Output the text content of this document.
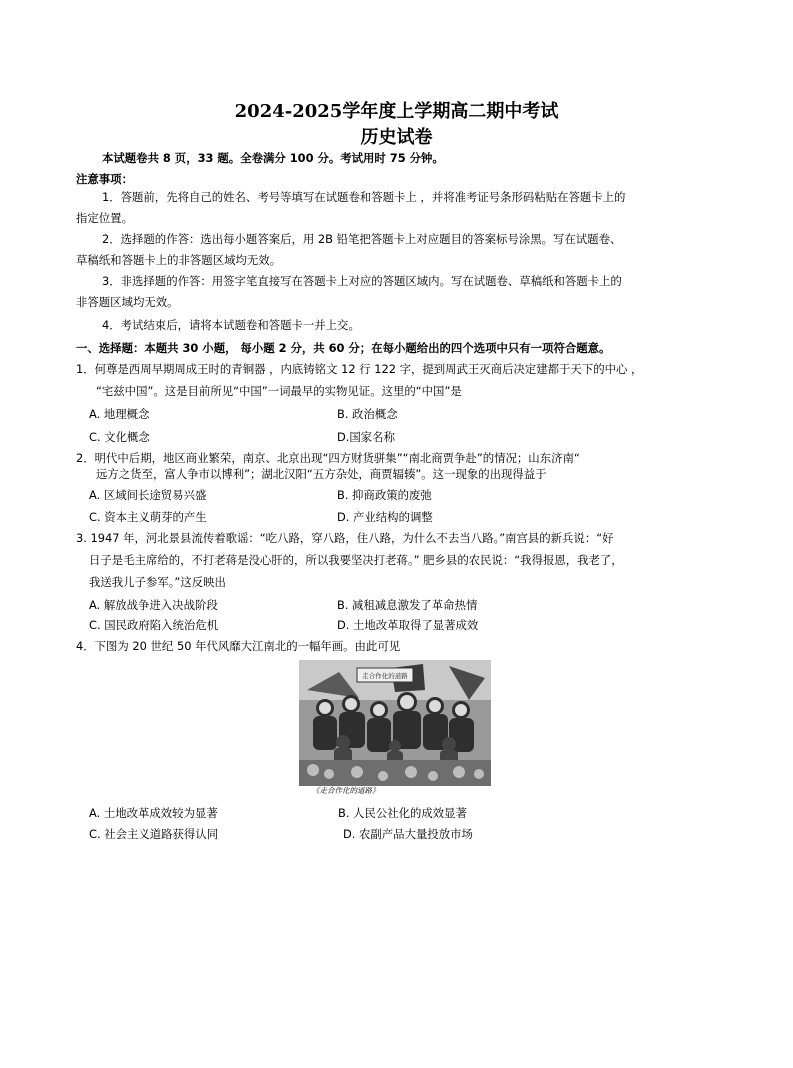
2024-2025学年度上学期高二期中考试
历史试卷
本试题卷共 8 页，33 题。全卷满分 100 分。考试用时 75 分钟。
注意事项：
1．答题前，先将自己的姓名、考号等填写在试题卷和答题卡上 ，并将准考证号条形码粘贴在答题卡上的
指定位置。
2．选择题的作答：选出每小题答案后，用 2B 铅笔把答题卡上对应题目的答案标号涂黑。写在试题卷、
草稿纸和答题卡上的非答题区域均无效。
3．非选择题的作答：用签字笔直接写在答题卡上对应的答题区域内。写在试题卷、草稿纸和答题卡上的
非答题区域均无效。
4．考试结束后，请将本试题卷和答题卡一并上交。
一、选择题：本题共 30 小题， 每小题 2 分，共 60 分；在每小题给出的四个选项中只有一项符合题意。
1．何尊是西周早期周成王时的青铜器 ，内底铸铭文 12 行 122 字，提到周武王灭商后决定建都于天下的中心 ，
“宅兹中国”。这是目前所见“中国”一词最早的实物见证。这里的“中国”是
A. 地理概念	B. 政治概念
C. 文化概念	D.国家名称
2．明代中后期，地区商业繁荣，南京、北京出现“四方财货骈集”“南北商贾争赴”的情况；山东济南“
远方之货至，富人争市以博利”；湖北汉阳“五方杂处，商贾辐辏”。这一现象的出现得益于
A. 区域间长途贸易兴盛	B. 抑商政策的废弛
C. 资本主义萌芽的产生	D. 产业结构的调整
3. 1947 年，河北景县流传着歌谣：“吃八路，穿八路，住八路，为什么不去当八路。”南宫县的新兵说：“好
日子是毛主席给的，不打老蒋是没心肝的，所以我要坚决打老蒋。” 肥乡县的农民说：“我得报恩，我老了，
我送我儿子参军。”这反映出
A. 解放战争进入决战阶段	B. 减租减息激发了革命热情
C. 国民政府陷入统治危机	D. 土地改革取得了显著成效
4．下图为 20 世纪 50 年代风靡大江南北的一幅年画。由此可见
走合作化的道路
《走合作化的道路》
A. 土地改革成效较为显著	B. 人民公社化的成效显著
C. 社会主义道路获得认同	D. 农副产品大量投放市场
